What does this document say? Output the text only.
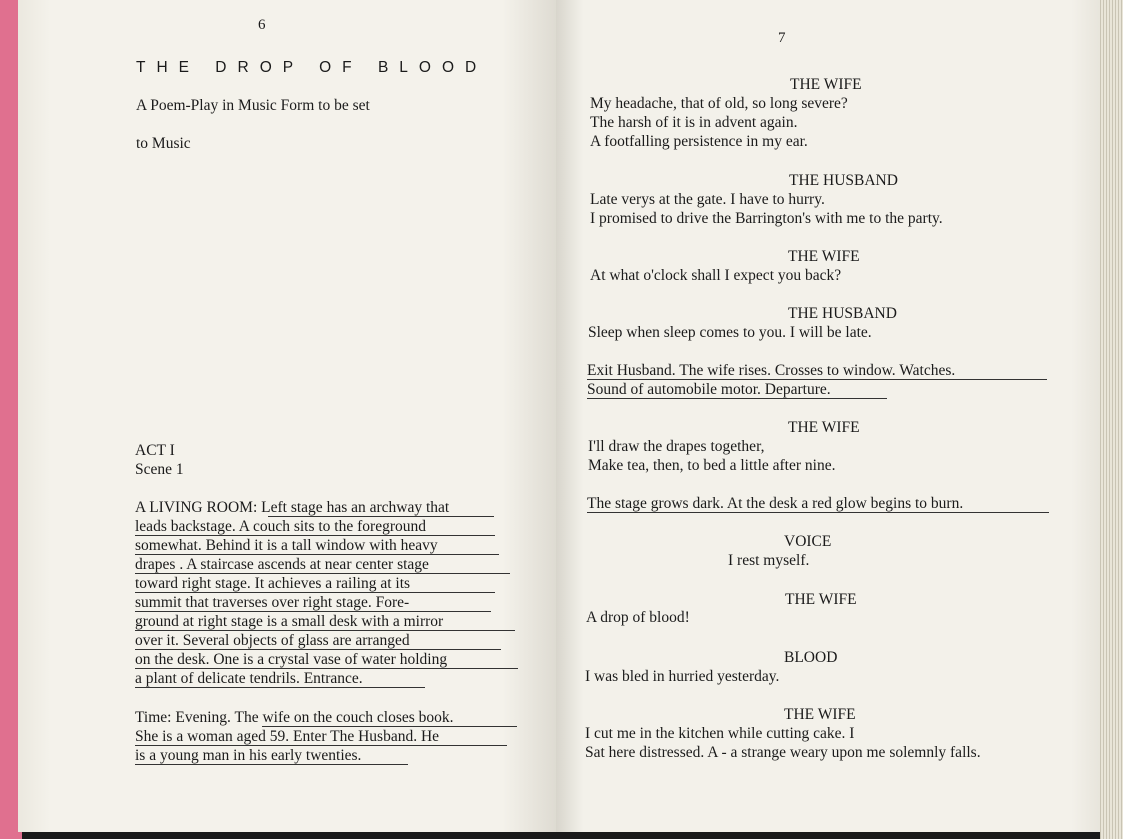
6
THE DROP OF BLOOD
A Poem-Play in Music Form to be set
to Music
ACT I
Scene 1
A LIVING ROOM: Left stage has an archway that
leads backstage. A couch sits to the foreground
somewhat. Behind it is a tall window with heavy
drapes . A staircase ascends at near center stage
toward right stage. It achieves a railing at its
summit that traverses over right stage. Fore-
ground at right stage is a small desk with a mirror
over it. Several objects of glass are arranged
on the desk. One is a crystal vase of water holding
a plant of delicate tendrils. Entrance.
Time: Evening. The wife on the couch closes book.
She is a woman aged 59. Enter The Husband. He
is a young man in his early twenties.
7
THE WIFE
My headache, that of old, so long severe?
The harsh of it is in advent again.
A footfalling persistence in my ear.
THE HUSBAND
Late verys at the gate. I have to hurry.
I promised to drive the Barrington's with me to the party.
THE WIFE
At what o'clock shall I expect you back?
THE HUSBAND
Sleep when sleep comes to you. I will be late.
Exit Husband. The wife rises. Crosses to window. Watches.
Sound of automobile motor. Departure.
THE WIFE
I'll draw the drapes together,
Make tea, then, to bed a little after nine.
The stage grows dark. At the desk a red glow begins to burn.
VOICE
I rest myself.
THE WIFE
A drop of blood!
BLOOD
I was bled in hurried yesterday.
THE WIFE
I cut me in the kitchen while cutting cake. I
Sat here distressed. A - a strange weary upon me solemnly falls.
